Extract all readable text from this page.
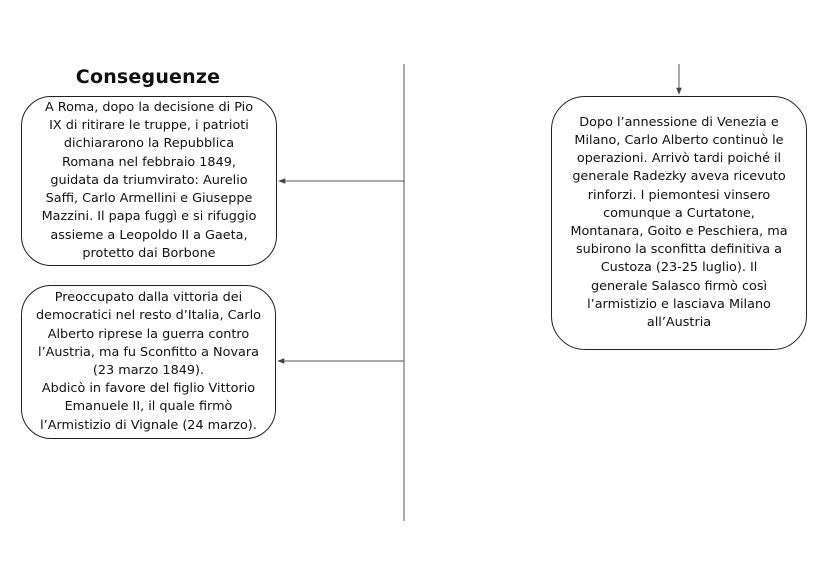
Conseguenze
A Roma, dopo la decisione di Pio
IX di ritirare le truppe, i patrioti
dichiararono la Repubblica
Romana nel febbraio 1849,
guidata da triumvirato: Aurelio
Saffi, Carlo Armellini e Giuseppe
Mazzini. Il papa fuggì e si rifuggio
assieme a Leopoldo II a Gaeta,
protetto dai Borbone
Preoccupato dalla vittoria dei
democratici nel resto d’Italia, Carlo
Alberto riprese la guerra contro
l’Austria, ma fu Sconfitto a Novara
(23 marzo 1849).
Abdicò in favore del figlio Vittorio
Emanuele II, il quale firmò
l’Armistizio di Vignale (24 marzo).
Dopo l’annessione di Venezia e
Milano, Carlo Alberto continuò le
operazioni. Arrivò tardi poiché il
generale Radezky aveva ricevuto
rinforzi. I piemontesi vinsero
comunque a Curtatone,
Montanara, Goito e Peschiera, ma
subirono la sconfitta definitiva a
Custoza (23-25 luglio). Il
generale Salasco firmò così
l’armistizio e lasciava Milano
all’Austria
